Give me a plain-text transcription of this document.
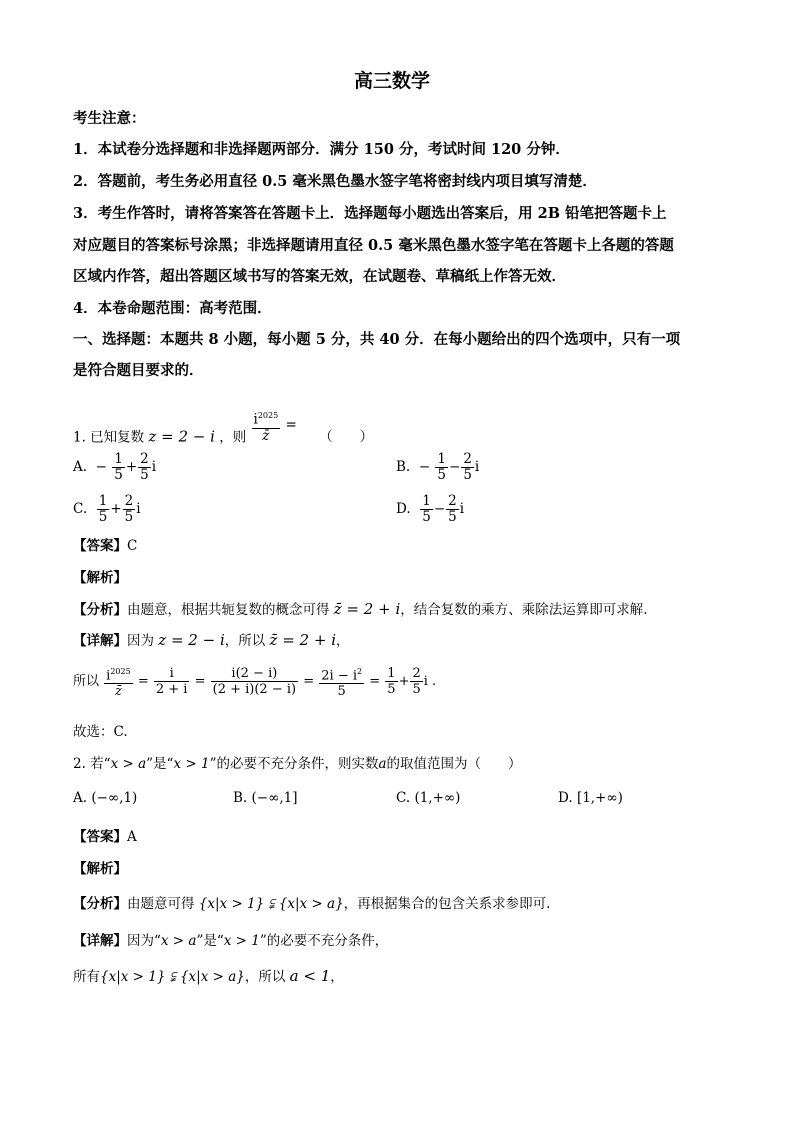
高三数学
考生注意：
1．本试卷分选择题和非选择题两部分．满分 150 分，考试时间 120 分钟．
2．答题前，考生务必用直径 0.5 毫米黑色墨水签字笔将密封线内项目填写清楚．
3．考生作答时，请将答案答在答题卡上．选择题每小题选出答案后，用 2B 铅笔把答题卡上
对应题目的答案标号涂黑；非选择题请用直径 0.5 毫米黑色墨水签字笔在答题卡上各题的答题
区域内作答，超出答题区域书写的答案无效，在试题卷、草稿纸上作答无效．
4．本卷命题范围：高考范围．
一、选择题：本题共 8 小题，每小题 5 分，共 40 分．在每小题给出的四个选项中，只有一项
是符合题目要求的．
1. 已知复数 z = 2 − i ，则 $\frac{i^{2025}}{z̄}$ = （　　）
A. − $\frac{1}{5} + \frac{2}{5}$ i	B. − $\frac{1}{5} - \frac{2}{5}$ i
C. $\frac{1}{5} + \frac{2}{5}$ i	D. $\frac{1}{5} - \frac{2}{5}$ i
【答案】C
【解析】
【分析】由题意，根据共轭复数的概念可得 z̄ = 2 + i，结合复数的乘方、乘除法运算即可求解.
【详解】因为 z = 2 − i，所以 z̄ = 2 + i，
所以 $\frac{i^{2025}}{z̄} = \frac{i}{2 + i} = \frac{i(2 - i)}{(2 + i)(2 - i)} = \frac{2i - i^2}{5} = \frac{1}{5} + \frac{2}{5}$ i .
故选：C.
2. 若“x > a”是“x > 1”的必要不充分条件，则实数a的取值范围为（　　）
A. (−∞,1)	B. (−∞,1]	C. (1,+∞)	D. [1,+∞)
【答案】A
【解析】
【分析】由题意可得 {x|x > 1} ⫋ {x|x > a}，再根据集合的包含关系求参即可.
【详解】因为“x > a”是“x > 1”的必要不充分条件，
所有{x|x > 1} ⫋ {x|x > a}，所以 a < 1，
